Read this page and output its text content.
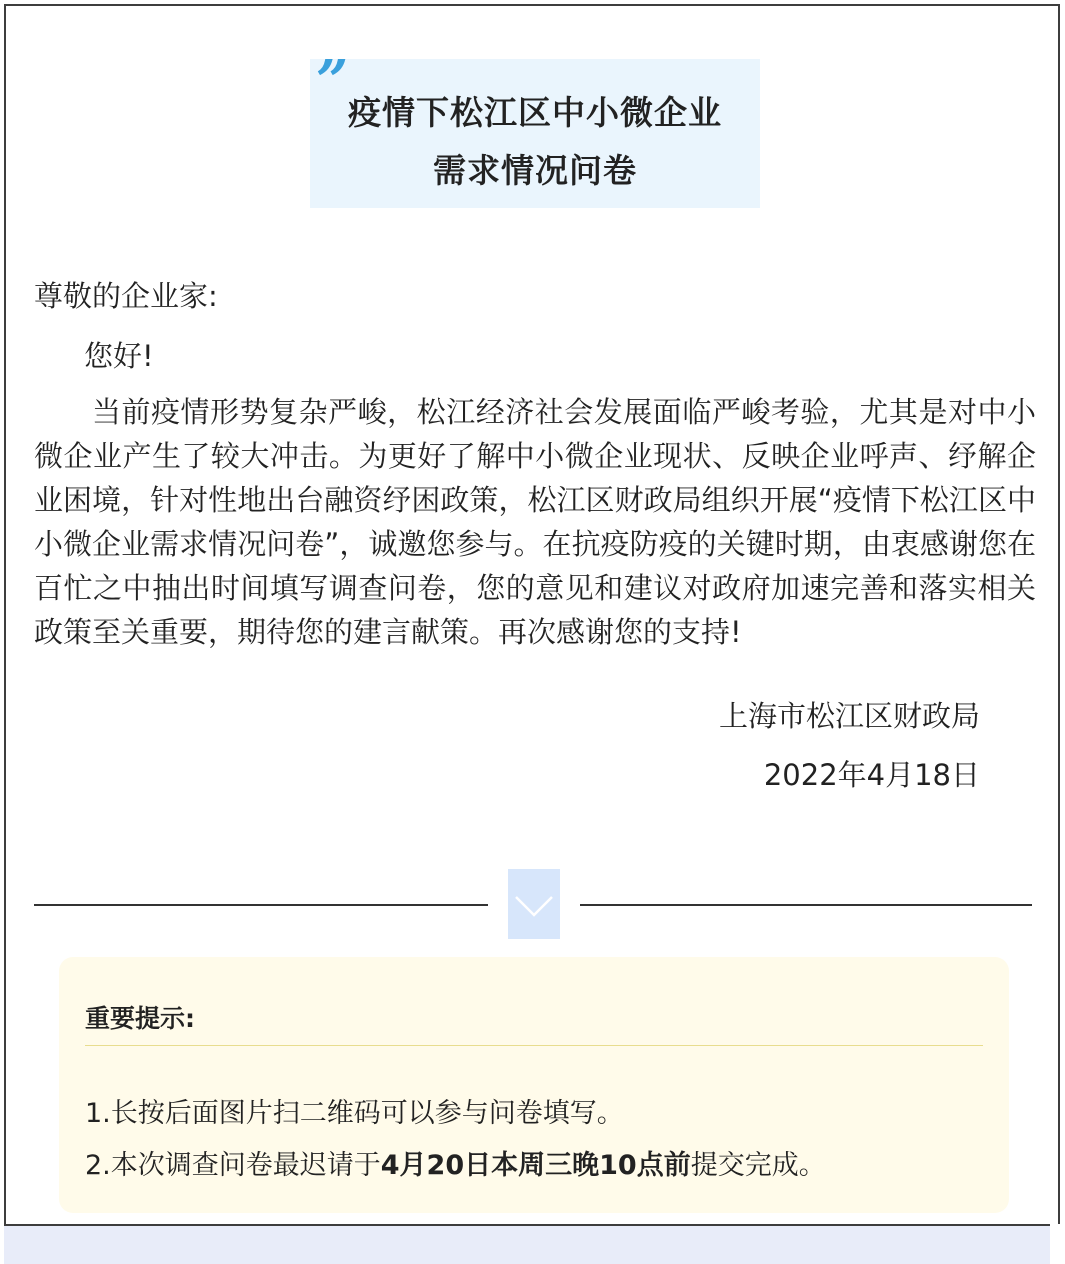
” 疫情下松江区中小微企业
需求情况问卷
尊敬的企业家:
您好!
当前疫情形势复杂严峻，松江经济社会发展面临严峻考验，尤其是对中小微企业产生了较大冲击。为更好了解中小微企业现状、反映企业呼声、纾解企业困境，针对性地出台融资纾困政策，松江区财政局组织开展“疫情下松江区中小微企业需求情况问卷”，诚邀您参与。在抗疫防疫的关键时期，由衷感谢您在百忙之中抽出时间填写调查问卷，您的意见和建议对政府加速完善和落实相关政策至关重要，期待您的建言献策。再次感谢您的支持!
上海市松江区财政局
2022年4月18日
重要提示:
1.长按后面图片扫二维码可以参与问卷填写。
2.本次调查问卷最迟请于4月20日本周三晚10点前提交完成。
